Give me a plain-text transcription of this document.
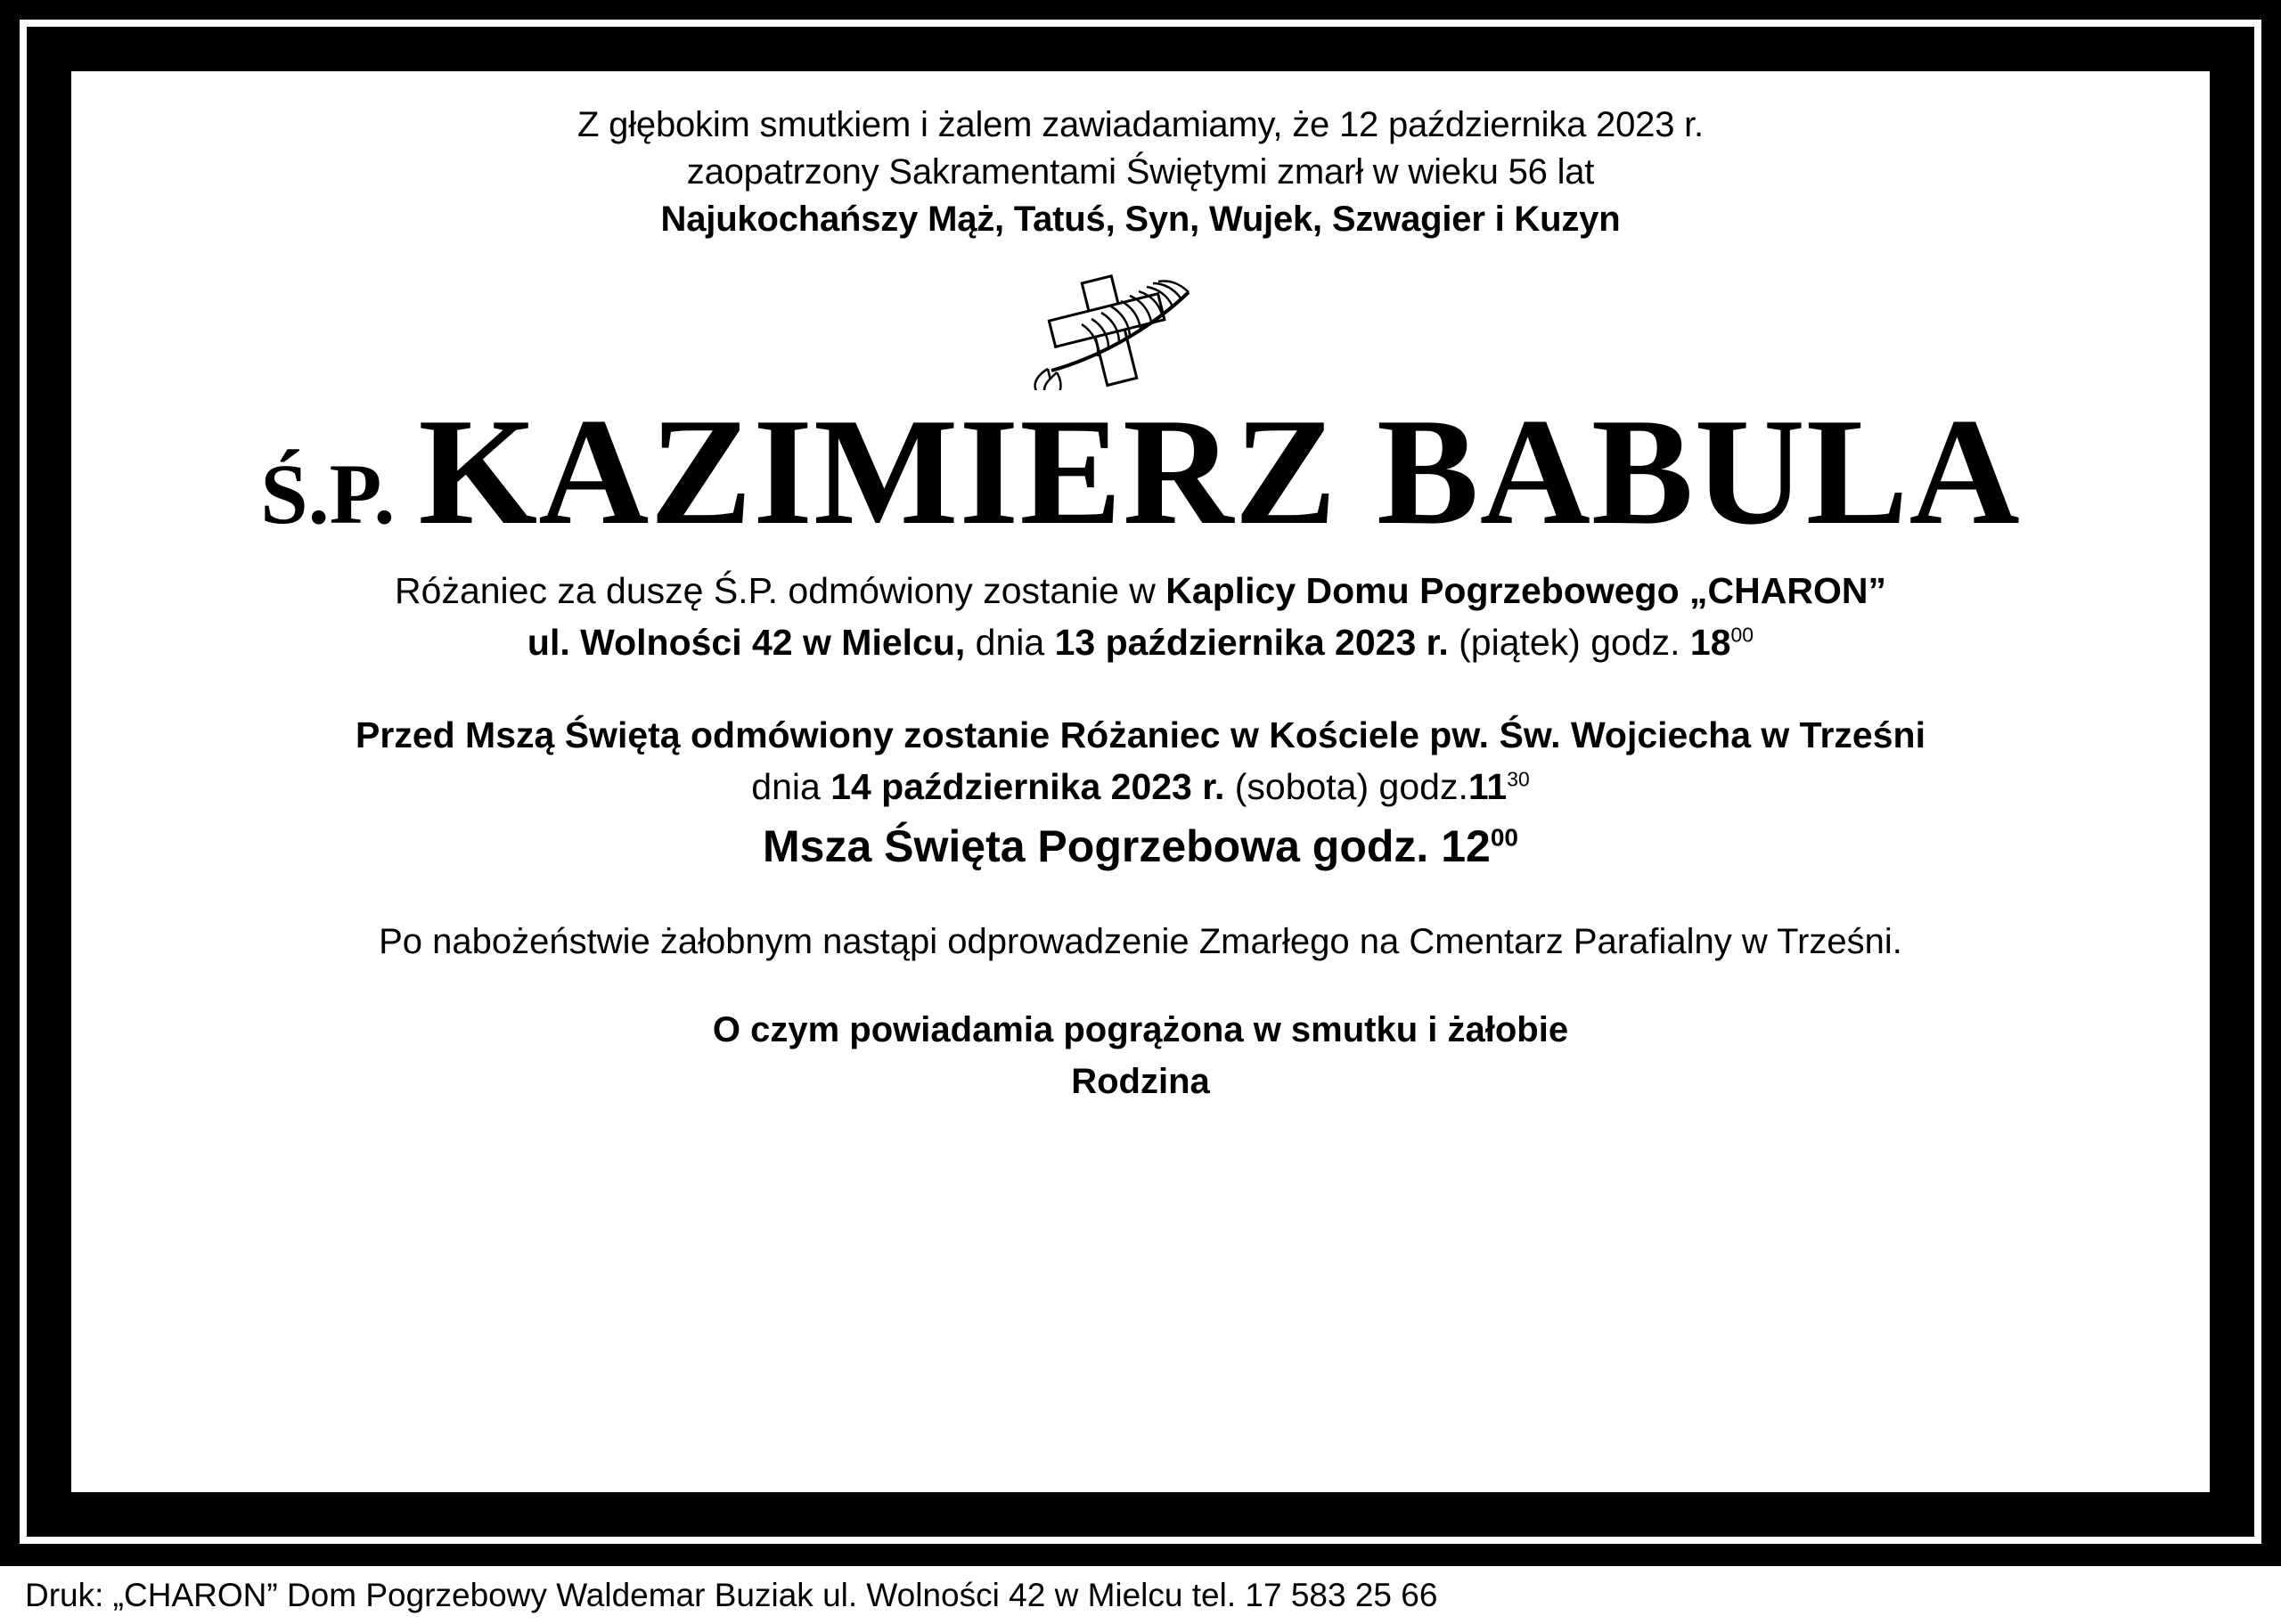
Z głębokim smutkiem i żalem zawiadamiamy, że 12 października 2023 r.
zaopatrzony Sakramentami Świętymi zmarł w wieku 56 lat
Najukochańszy Mąż, Tatuś, Syn, Wujek, Szwagier i Kuzyn
Ś.P. KAZIMIERZ BABULA
Różaniec za duszę Ś.P. odmówiony zostanie w Kaplicy Domu Pogrzebowego „CHARON”
ul. Wolności 42 w Mielcu, dnia 13 października 2023 r. (piątek) godz. $18^{00}$
Przed Mszą Świętą odmówiony zostanie Różaniec w Kościele pw. Św. Wojciecha w Trześni
dnia 14 października 2023 r. (sobota) $godz.11^{30}$
Msza Święta Pogrzebowa godz. $12^{00}$
Po nabożeństwie żałobnym nastąpi odprowadzenie Zmarłego na Cmentarz Parafialny w Trześni.
O czym powiadamia pogrążona w smutku i żałobie
Rodzina
Druk: „CHARON” Dom Pogrzebowy Waldemar Buziak ul. Wolności 42 w Mielcu tel. 17 583 25 66
